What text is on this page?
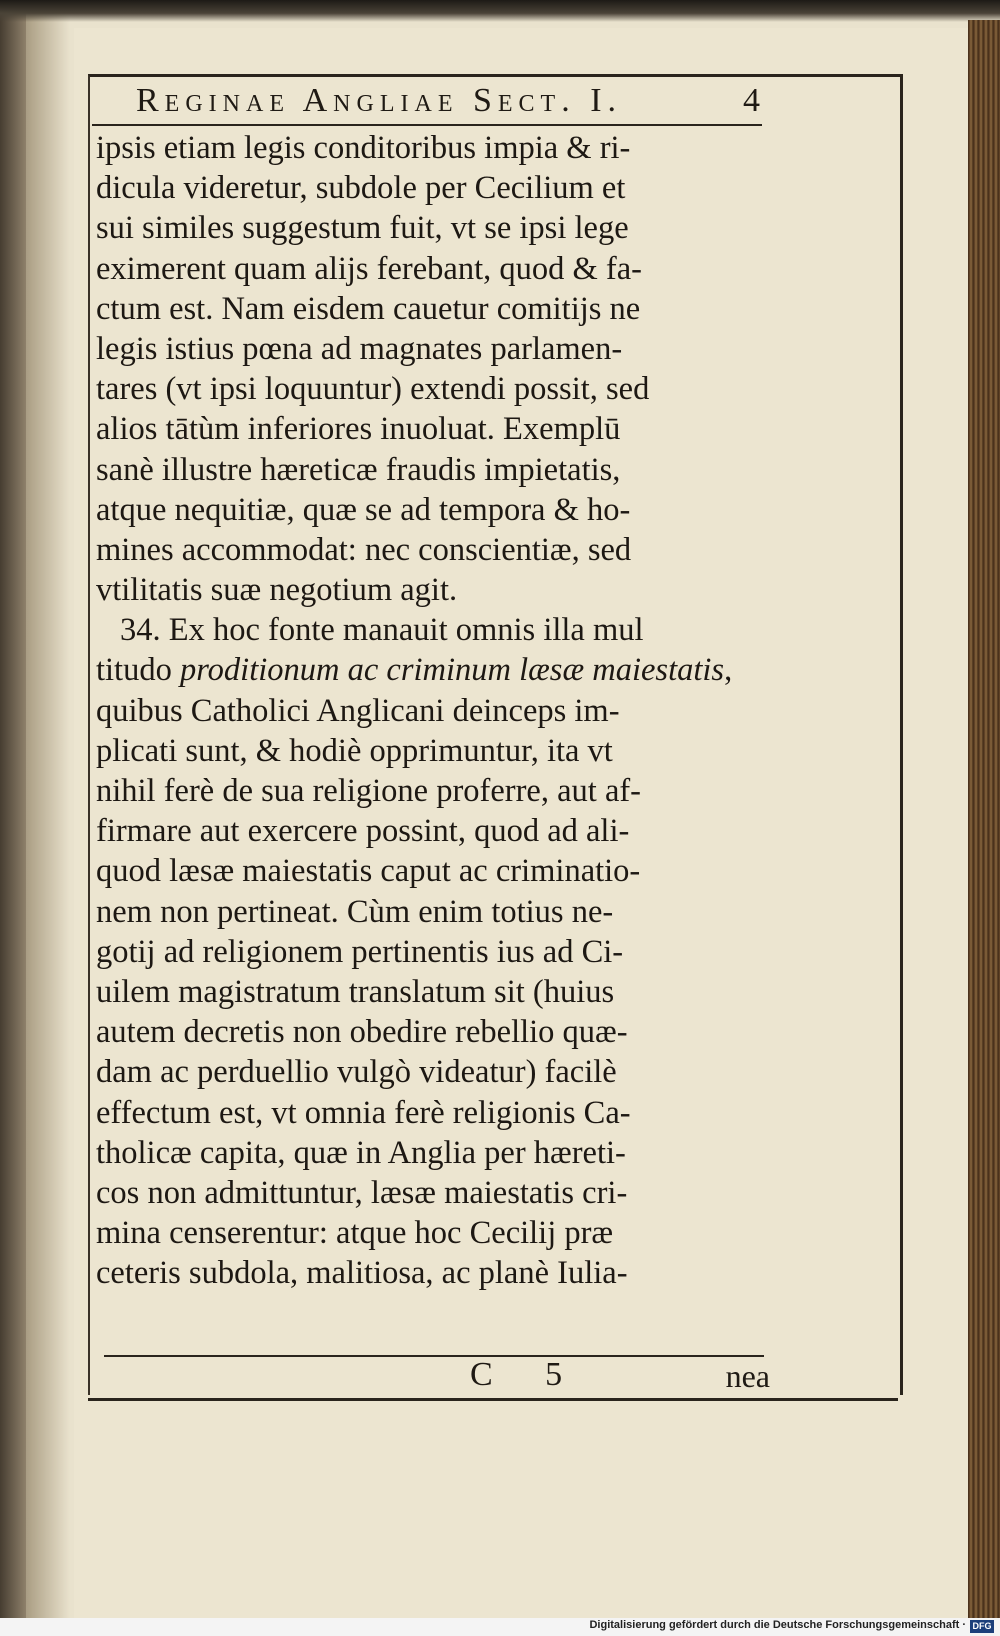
Reginae Angliae Sect. I.	4
ipsis etiam legis conditoribus impia & ri-
dicula videretur, subdole per Cecilium et
sui similes suggestum fuit, vt se ipsi lege
eximerent quam alijs ferebant, quod & fa-
ctum est. Nam eisdem cauetur comitijs ne
legis istius pœna ad magnates parlamen-
tares (vt ipsi loquuntur) extendi possit, sed
alios tātùm inferiores inuoluat. Exemplū
sanè illustre hæreticæ fraudis impietatis,
atque nequitiæ, quæ se ad tempora & ho-
mines accommodat: nec conscientiæ, sed
vtilitatis suæ negotium agit.
34. Ex hoc fonte manauit omnis illa mul
titudo proditionum ac criminum læsæ maiestatis,
quibus Catholici Anglicani deinceps im-
plicati sunt, & hodiè opprimuntur, ita vt
nihil ferè de sua religione proferre, aut af-
firmare aut exercere possint, quod ad ali-
quod læsæ maiestatis caput ac criminatio-
nem non pertineat. Cùm enim totius ne-
gotij ad religionem pertinentis ius ad Ci-
uilem magistratum translatum sit (huius
autem decretis non obedire rebellio quæ-
dam ac perduellio vulgò videatur) facilè
effectum est, vt omnia ferè religionis Ca-
tholicæ capita, quæ in Anglia per hæreti-
cos non admittuntur, læsæ maiestatis cri-
mina censerentur: atque hoc Cecilij præ
ceteris subdola, malitiosa, ac planè Iulia-
C 5	nea
Digitalisierung gefördert durch die Deutsche Forschungsgemeinschaft · DFG
